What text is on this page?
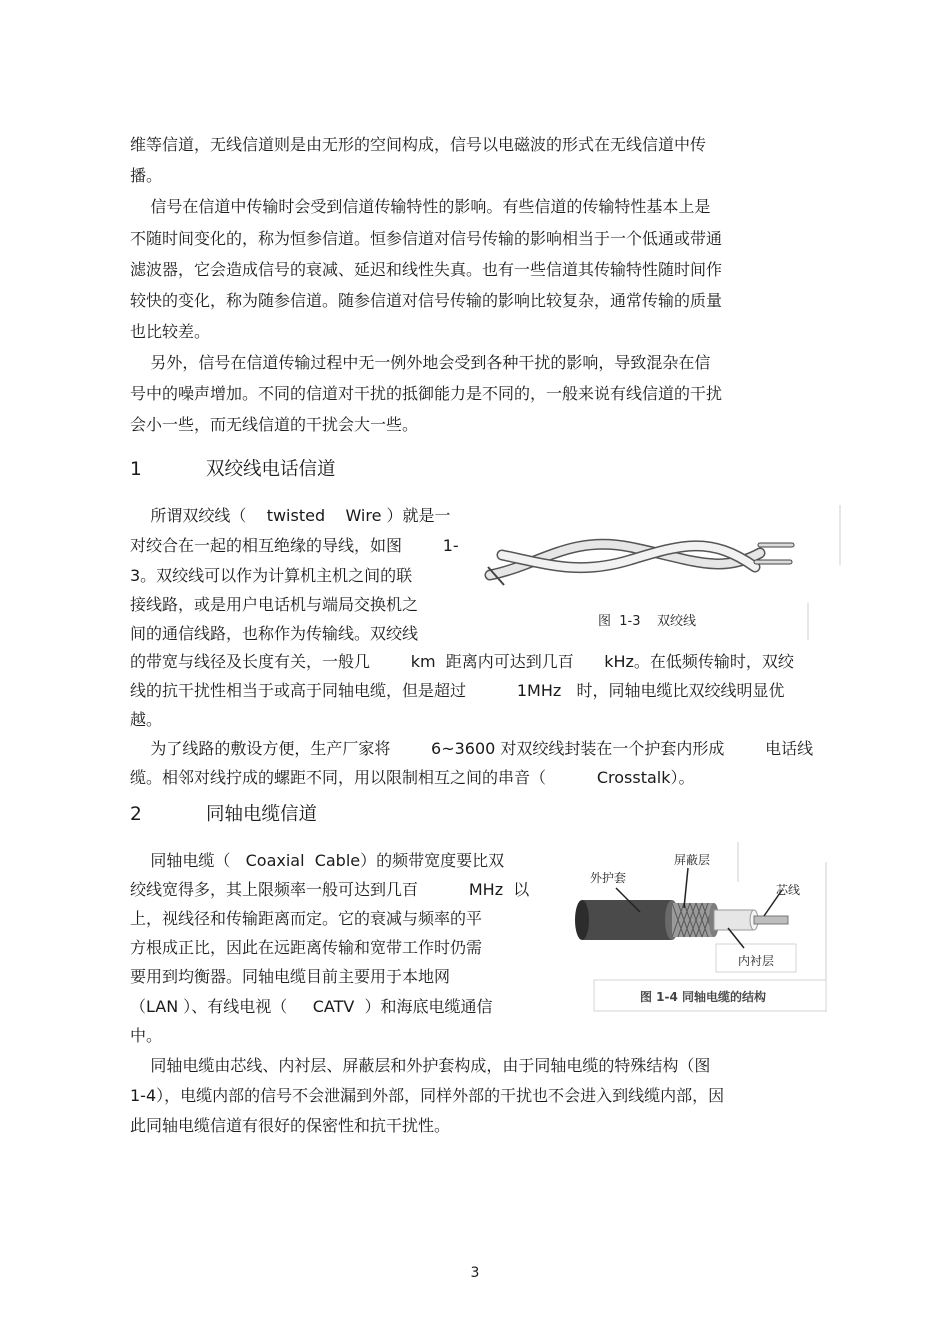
维等信道，无线信道则是由无形的空间构成，信号以电磁波的形式在无线信道中传
播。
信号在信道中传输时会受到信道传输特性的影响。有些信道的传输特性基本上是
不随时间变化的，称为恒参信道。恒参信道对信号传输的影响相当于一个低通或带通
滤波器，它会造成信号的衰减、延迟和线性失真。也有一些信道其传输特性随时间作
较快的变化，称为随参信道。随参信道对信号传输的影响比较复杂，通常传输的质量
也比较差。
另外，信号在信道传输过程中无一例外地会受到各种干扰的影响，导致混杂在信
号中的噪声增加。不同的信道对干扰的抵御能力是不同的，一般来说有线信道的干扰
会小一些，而无线信道的干扰会大一些。
1	双绞线电话信道
所谓双绞线（    twisted    Wire ）就是一
对绞合在一起的相互绝缘的导线，如图        1-
3。双绞线可以作为计算机主机之间的联
接线路，或是用户电话机与端局交换机之
间的通信线路，也称作为传输线。双绞线
的带宽与线径及长度有关，一般几        km  距离内可达到几百      kHz。在低频传输时，双绞
线的抗干扰性相当于或高于同轴电缆，但是超过          1MHz   时，同轴电缆比双绞线明显优
越。
图  1-3    双绞线
为了线路的敷设方便，生产厂家将        6~3600 对双绞线封装在一个护套内形成        电话线
缆。相邻对线拧成的螺距不同，用以限制相互之间的串音（          Crosstalk）。
2	同轴电缆信道
同轴电缆（   Coaxial  Cable）的频带宽度要比双
绞线宽得多，其上限频率一般可达到几百          MHz  以
上，视线径和传输距离而定。它的衰减与频率的平
方根成正比，因此在远距离传输和宽带工作时仍需
要用到均衡器。同轴电缆目前主要用于本地网
（LAN ）、有线电视（     CATV  ）和海底电缆通信
中。
外护套
屏蔽层
芯线
内衬层
图 1-4 同轴电缆的结构
同轴电缆由芯线、内衬层、屏蔽层和外护套构成，由于同轴电缆的特殊结构（图
1-4），电缆内部的信号不会泄漏到外部，同样外部的干扰也不会进入到线缆内部，因
此同轴电缆信道有很好的保密性和抗干扰性。
3
